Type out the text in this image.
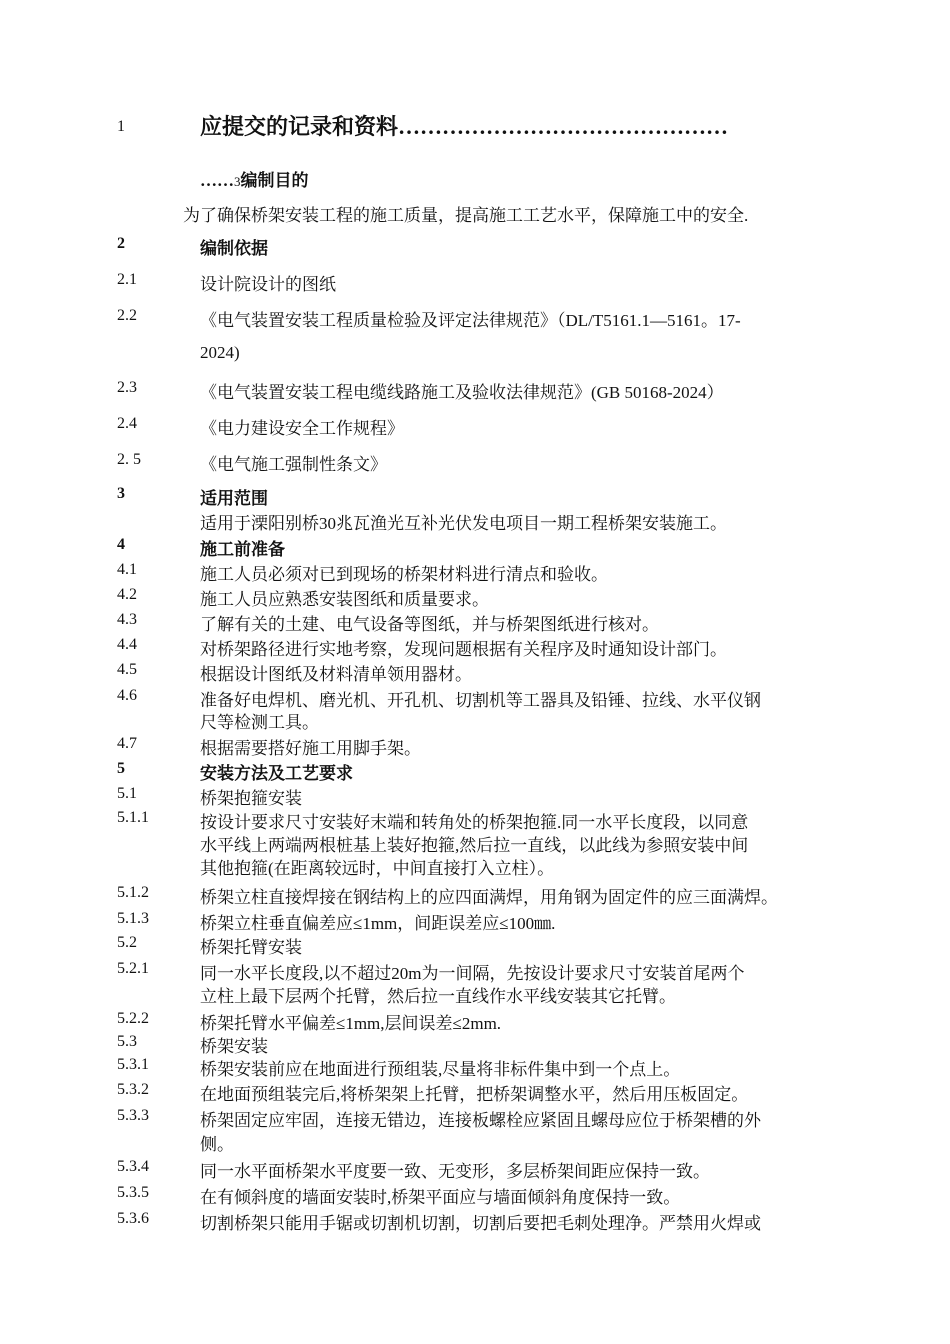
1	应提交的记录和资料………………………………………
……3编制目的
为了确保桥架安装工程的施工质量，提高施工工艺水平，保障施工中的安全.
2	编制依据
2.1	设计院设计的图纸
2.2	《电气装置安装工程质量检验及评定法律规范》（DL/T5161.1—5161。17-
2024)
2.3	《电气装置安装工程电缆线路施工及验收法律规范》(GB 50168-2024）
2.4	《电力建设安全工作规程》
2. 5	《电气施工强制性条文》
3	适用范围
适用于溧阳别桥30兆瓦渔光互补光伏发电项目一期工程桥架安装施工。
4	施工前准备
4.1	施工人员必须对已到现场的桥架材料进行清点和验收。
4.2	施工人员应熟悉安装图纸和质量要求。
4.3	了解有关的土建、电气设备等图纸，并与桥架图纸进行核对。
4.4	对桥架路径进行实地考察，发现问题根据有关程序及时通知设计部门。
4.5	根据设计图纸及材料清单领用器材。
4.6	准备好电焊机、磨光机、开孔机、切割机等工器具及铅锤、拉线、水平仪钢
尺等检测工具。
4.7	根据需要搭好施工用脚手架。
5	安装方法及工艺要求
5.1	桥架抱箍安装
5.1.1	按设计要求尺寸安装好末端和转角处的桥架抱箍.同一水平长度段，以同意
水平线上两端两根桩基上装好抱箍,然后拉一直线，以此线为参照安装中间
其他抱箍(在距离较远时，中间直接打入立柱）。
5.1.2	桥架立柱直接焊接在钢结构上的应四面满焊，用角钢为固定件的应三面满焊。
5.1.3	桥架立柱垂直偏差应≤1mm，间距误差应≤100㎜.
5.2	桥架托臂安装
5.2.1	同一水平长度段,以不超过20m为一间隔，先按设计要求尺寸安装首尾两个
立柱上最下层两个托臂，然后拉一直线作水平线安装其它托臂。
5.2.2	桥架托臂水平偏差≤1mm,层间误差≤2mm.
5.3	桥架安装
5.3.1	桥架安装前应在地面进行预组装,尽量将非标件集中到一个点上。
5.3.2	在地面预组装完后,将桥架架上托臂，把桥架调整水平，然后用压板固定。
5.3.3	桥架固定应牢固，连接无错边，连接板螺栓应紧固且螺母应位于桥架槽的外
侧。
5.3.4	同一水平面桥架水平度要一致、无变形，多层桥架间距应保持一致。
5.3.5	在有倾斜度的墙面安装时,桥架平面应与墙面倾斜角度保持一致。
5.3.6	切割桥架只能用手锯或切割机切割，切割后要把毛刺处理净。严禁用火焊或
